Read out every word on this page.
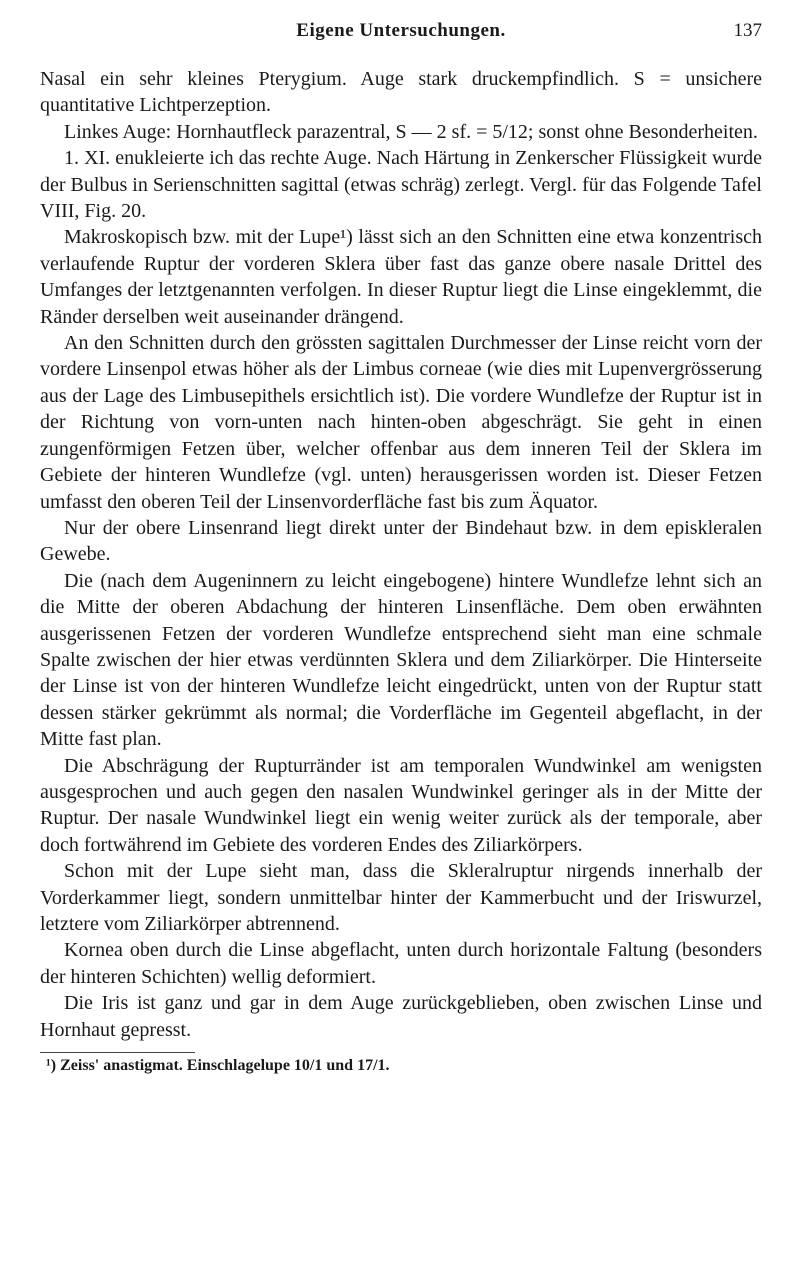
Eigene Untersuchungen.	137

Nasal ein sehr kleines Pterygium. Auge stark druckempfindlich. S = unsichere quantitative Lichtperzeption.

Linkes Auge: Hornhautfleck parazentral, S — 2 sf. = 5/12; sonst ohne Besonderheiten.

1. XI. enukleierte ich das rechte Auge. Nach Härtung in Zenkerscher Flüssigkeit wurde der Bulbus in Serienschnitten sagittal (etwas schräg) zerlegt. Vergl. für das Folgende Tafel VIII, Fig. 20.

Makroskopisch bzw. mit der Lupe¹) lässt sich an den Schnitten eine etwa konzentrisch verlaufende Ruptur der vorderen Sklera über fast das ganze obere nasale Drittel des Umfanges der letztgenannten verfolgen. In dieser Ruptur liegt die Linse eingeklemmt, die Ränder derselben weit auseinander drängend.

An den Schnitten durch den grössten sagittalen Durchmesser der Linse reicht vorn der vordere Linsenpol etwas höher als der Limbus corneae (wie dies mit Lupenvergrösserung aus der Lage des Limbusepithels ersichtlich ist). Die vordere Wundlefze der Ruptur ist in der Richtung von vorn-unten nach hinten-oben abgeschrägt. Sie geht in einen zungenförmigen Fetzen über, welcher offenbar aus dem inneren Teil der Sklera im Gebiete der hinteren Wundlefze (vgl. unten) herausgerissen worden ist. Dieser Fetzen umfasst den oberen Teil der Linsenvorderfläche fast bis zum Äquator.

Nur der obere Linsenrand liegt direkt unter der Bindehaut bzw. in dem episkleralen Gewebe.

Die (nach dem Augeninnern zu leicht eingebogene) hintere Wundlefze lehnt sich an die Mitte der oberen Abdachung der hinteren Linsenfläche. Dem oben erwähnten ausgerissenen Fetzen der vorderen Wundlefze entsprechend sieht man eine schmale Spalte zwischen der hier etwas verdünnten Sklera und dem Ziliarkörper. Die Hinterseite der Linse ist von der hinteren Wundlefze leicht eingedrückt, unten von der Ruptur statt dessen stärker gekrümmt als normal; die Vorderfläche im Gegenteil abgeflacht, in der Mitte fast plan.

Die Abschrägung der Rupturränder ist am temporalen Wundwinkel am wenigsten ausgesprochen und auch gegen den nasalen Wundwinkel geringer als in der Mitte der Ruptur. Der nasale Wundwinkel liegt ein wenig weiter zurück als der temporale, aber doch fortwährend im Gebiete des vorderen Endes des Ziliarkörpers.

Schon mit der Lupe sieht man, dass die Skleralruptur nirgends innerhalb der Vorderkammer liegt, sondern unmittelbar hinter der Kammerbucht und der Iriswurzel, letztere vom Ziliarkörper abtrennend.

Kornea oben durch die Linse abgeflacht, unten durch horizontale Faltung (besonders der hinteren Schichten) wellig deformiert.

Die Iris ist ganz und gar in dem Auge zurückgeblieben, oben zwischen Linse und Hornhaut gepresst.

¹) Zeiss' anastigmat. Einschlagelupe 10/1 und 17/1.
